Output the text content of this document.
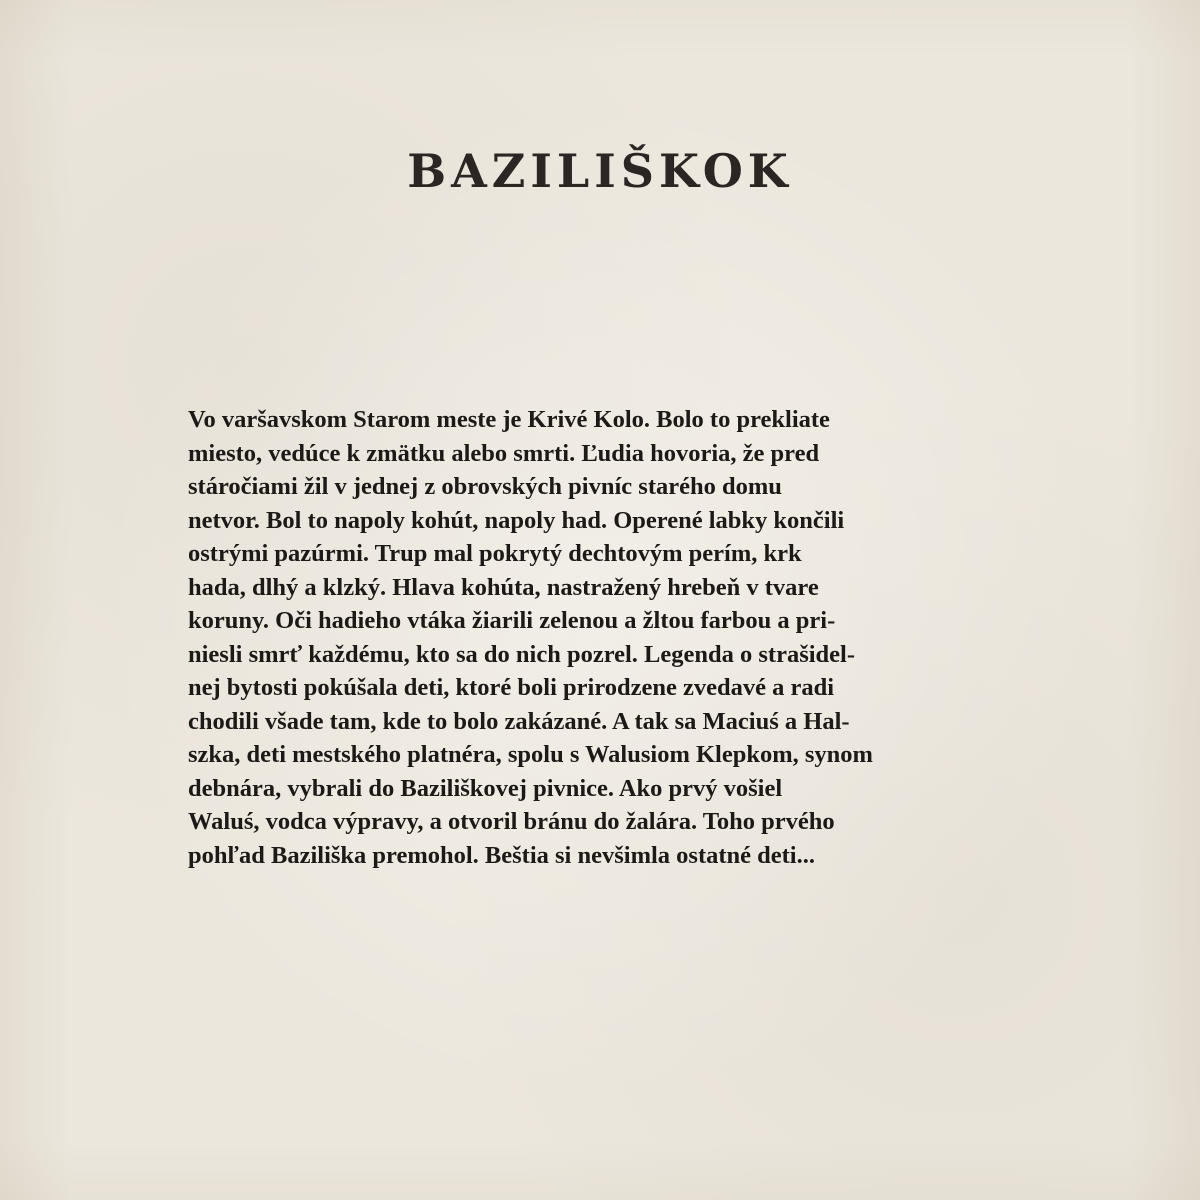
BAZILIŠKOK
Vo varšavskom Starom meste je Krivé Kolo. Bolo to prekliate
miesto, vedúce k zmätku alebo smrti. Ľudia hovoria, že pred
stáročiami žil v jednej z obrovských pivníc starého domu
netvor. Bol to napoly kohút, napoly had. Operené labky končili
ostrými pazúrmi. Trup mal pokrytý dechtovým perím, krk
hada, dlhý a klzký. Hlava kohúta, nastražený hrebeň v tvare
koruny. Oči hadieho vtáka žiarili zelenou a žltou farbou a pri-
niesli smrť každému, kto sa do nich pozrel. Legenda o strašidel-
nej bytosti pokúšala deti, ktoré boli prirodzene zvedavé a radi
chodili všade tam, kde to bolo zakázané. A tak sa Maciuś a Hal-
szka, deti mestského platnéra, spolu s Walusiom Klepkom, synom
debnára, vybrali do Baziliškovej pivnice. Ako prvý vošiel
Waluś, vodca výpravy, a otvoril bránu do žalára. Toho prvého
pohľad Baziliška premohol. Beštia si nevšimla ostatné deti...
